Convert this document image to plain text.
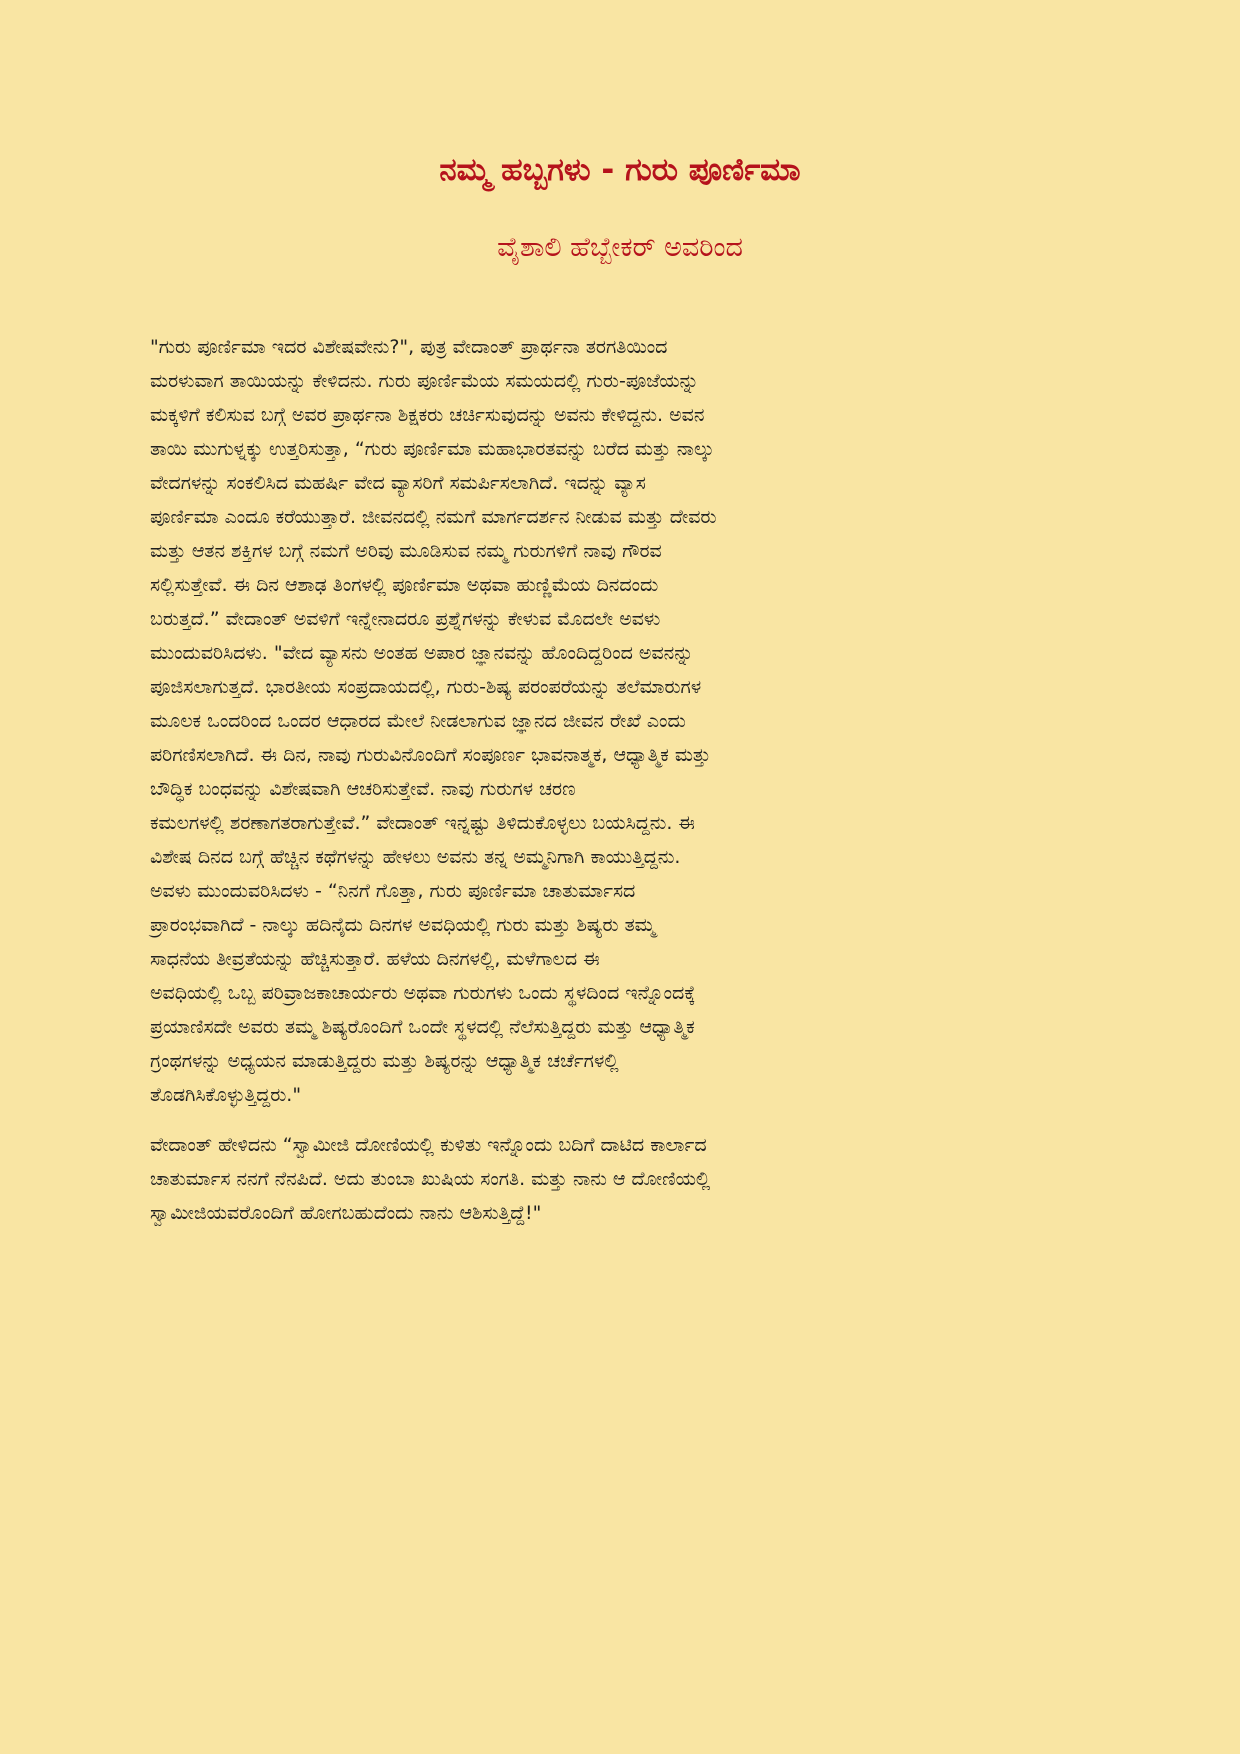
ನಮ್ಮ ಹಬ್ಬಗಳು - ಗುರು ಪೂರ್ಣಿಮಾ
ವೈಶಾಲಿ ಹೆಬ್ಬೇಕರ್ ಅವರಿಂದ

"ಗುರು ಪೂರ್ಣಿಮಾ ಇದರ ವಿಶೇಷವೇನು?", ಪುತ್ರ ವೇದಾಂತ್ ಪ್ರಾರ್ಥನಾ ತರಗತಿಯಿಂದ
ಮರಳುವಾಗ ತಾಯಿಯನ್ನು ಕೇಳಿದನು. ಗುರು ಪೂರ್ಣಿಮೆಯ ಸಮಯದಲ್ಲಿ ಗುರು-ಪೂಜೆಯನ್ನು
ಮಕ್ಕಳಿಗೆ ಕಲಿಸುವ ಬಗ್ಗೆ ಅವರ ಪ್ರಾರ್ಥನಾ ಶಿಕ್ಷಕರು ಚರ್ಚಿಸುವುದನ್ನು ಅವನು ಕೇಳಿದ್ದನು. ಅವನ
ತಾಯಿ ಮುಗುಳ್ನಕ್ಕು ಉತ್ತರಿಸುತ್ತಾ, “ಗುರು ಪೂರ್ಣಿಮಾ ಮಹಾಭಾರತವನ್ನು ಬರೆದ ಮತ್ತು ನಾಲ್ಕು
ವೇದಗಳನ್ನು ಸಂಕಲಿಸಿದ ಮಹರ್ಷಿ ವೇದ ವ್ಯಾಸರಿಗೆ ಸಮರ್ಪಿಸಲಾಗಿದೆ. ಇದನ್ನು ವ್ಯಾಸ
ಪೂರ್ಣಿಮಾ ಎಂದೂ ಕರೆಯುತ್ತಾರೆ. ಜೀವನದಲ್ಲಿ ನಮಗೆ ಮಾರ್ಗದರ್ಶನ ನೀಡುವ ಮತ್ತು ದೇವರು
ಮತ್ತು ಆತನ ಶಕ್ತಿಗಳ ಬಗ್ಗೆ ನಮಗೆ ಅರಿವು ಮೂಡಿಸುವ ನಮ್ಮ ಗುರುಗಳಿಗೆ ನಾವು ಗೌರವ
ಸಲ್ಲಿಸುತ್ತೇವೆ. ಈ ದಿನ ಆಶಾಢ ತಿಂಗಳಲ್ಲಿ ಪೂರ್ಣಿಮಾ ಅಥವಾ ಹುಣ್ಣಿಮೆಯ ದಿನದಂದು
ಬರುತ್ತದೆ.” ವೇದಾಂತ್ ಅವಳಿಗೆ ಇನ್ನೇನಾದರೂ ಪ್ರಶ್ನೆಗಳನ್ನು ಕೇಳುವ ಮೊದಲೇ ಅವಳು
ಮುಂದುವರಿಸಿದಳು. "ವೇದ ವ್ಯಾಸನು ಅಂತಹ ಅಪಾರ ಜ್ಞಾನವನ್ನು ಹೊಂದಿದ್ದರಿಂದ ಅವನನ್ನು
ಪೂಜಿಸಲಾಗುತ್ತದೆ. ಭಾರತೀಯ ಸಂಪ್ರದಾಯದಲ್ಲಿ, ಗುರು-ಶಿಷ್ಯ ಪರಂಪರೆಯನ್ನು ತಲೆಮಾರುಗಳ
ಮೂಲಕ ಒಂದರಿಂದ ಒಂದರ ಆಧಾರದ ಮೇಲೆ ನೀಡಲಾಗುವ ಜ್ಞಾನದ ಜೀವನ ರೇಖೆ ಎಂದು
ಪರಿಗಣಿಸಲಾಗಿದೆ. ಈ ದಿನ, ನಾವು ಗುರುವಿನೊಂದಿಗೆ ಸಂಪೂರ್ಣ ಭಾವನಾತ್ಮಕ, ಆಧ್ಯಾತ್ಮಿಕ ಮತ್ತು
ಬೌದ್ಧಿಕ ಬಂಧವನ್ನು ವಿಶೇಷವಾಗಿ ಆಚರಿಸುತ್ತೇವೆ. ನಾವು ಗುರುಗಳ ಚರಣ
ಕಮಲಗಳಲ್ಲಿ ಶರಣಾಗತರಾಗುತ್ತೇವೆ.” ವೇದಾಂತ್ ಇನ್ನಷ್ಟು ತಿಳಿದುಕೊಳ್ಳಲು ಬಯಸಿದ್ದನು. ಈ
ವಿಶೇಷ ದಿನದ ಬಗ್ಗೆ ಹೆಚ್ಚಿನ ಕಥೆಗಳನ್ನು ಹೇಳಲು ಅವನು ತನ್ನ ಅಮ್ಮನಿಗಾಗಿ ಕಾಯುತ್ತಿದ್ದನು.
ಅವಳು ಮುಂದುವರಿಸಿದಳು - “ನಿನಗೆ ಗೊತ್ತಾ, ಗುರು ಪೂರ್ಣಿಮಾ ಚಾತುರ್ಮಾಸದ
ಪ್ರಾರಂಭವಾಗಿದೆ - ನಾಲ್ಕು ಹದಿನೈದು ದಿನಗಳ ಅವಧಿಯಲ್ಲಿ ಗುರು ಮತ್ತು ಶಿಷ್ಯರು ತಮ್ಮ
ಸಾಧನೆಯ ತೀವ್ರತೆಯನ್ನು ಹೆಚ್ಚಿಸುತ್ತಾರೆ. ಹಳೆಯ ದಿನಗಳಲ್ಲಿ, ಮಳೆಗಾಲದ ಈ
ಅವಧಿಯಲ್ಲಿ ಒಬ್ಬ ಪರಿವ್ರಾಜಕಾಚಾರ್ಯರು ಅಥವಾ ಗುರುಗಳು ಒಂದು ಸ್ಥಳದಿಂದ ಇನ್ನೊಂದಕ್ಕೆ
ಪ್ರಯಾಣಿಸದೇ ಅವರು ತಮ್ಮ ಶಿಷ್ಯರೊಂದಿಗೆ ಒಂದೇ ಸ್ಥಳದಲ್ಲಿ ನೆಲೆಸುತ್ತಿದ್ದರು ಮತ್ತು ಆಧ್ಯಾತ್ಮಿಕ
ಗ್ರಂಥಗಳನ್ನು ಅಧ್ಯಯನ ಮಾಡುತ್ತಿದ್ದರು ಮತ್ತು ಶಿಷ್ಯರನ್ನು ಆಧ್ಯಾತ್ಮಿಕ ಚರ್ಚೆಗಳಲ್ಲಿ
ತೊಡಗಿಸಿಕೊಳ್ಳುತ್ತಿದ್ದರು."

ವೇದಾಂತ್ ಹೇಳಿದನು “ಸ್ವಾಮೀಜಿ ದೋಣಿಯಲ್ಲಿ ಕುಳಿತು ಇನ್ನೊಂದು ಬದಿಗೆ ದಾಟಿದ ಕಾರ್ಲಾದ
ಚಾತುರ್ಮಾಸ ನನಗೆ ನೆನಪಿದೆ. ಅದು ತುಂಬಾ ಖುಷಿಯ ಸಂಗತಿ. ಮತ್ತು ನಾನು ಆ ದೋಣಿಯಲ್ಲಿ
ಸ್ವಾಮೀಜಿಯವರೊಂದಿಗೆ ಹೋಗಬಹುದೆಂದು ನಾನು ಆಶಿಸುತ್ತಿದ್ದೆ!"
